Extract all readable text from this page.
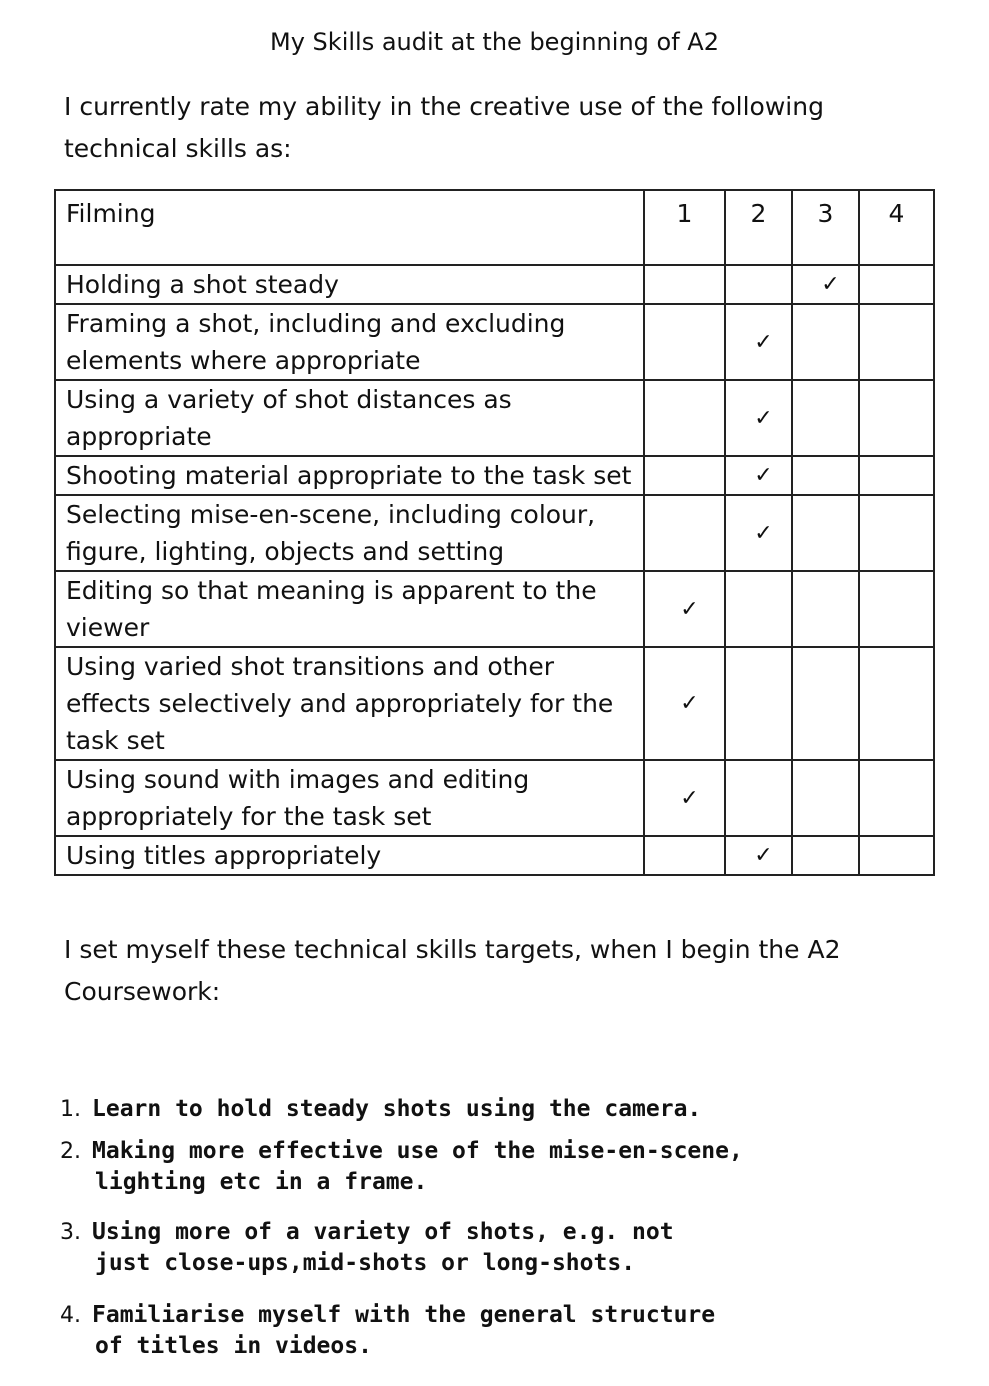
My Skills audit at the beginning of A2
I currently rate my ability in the creative use of the following technical skills as:
Filming	1	2	3	4
Holding a shot steady			✓	
Framing a shot, including and excluding elements where appropriate		✓		
Using a variety of shot distances as appropriate		✓		
Shooting material appropriate to the task set		✓		
Selecting mise-en-scene, including colour, figure, lighting, objects and setting		✓		
Editing so that meaning is apparent to the viewer	✓			
Using varied shot transitions and other effects selectively and appropriately for the task set	✓			
Using sound with images and editing appropriately for the task set	✓			
Using titles appropriately		✓		
I set myself these technical skills targets, when I begin the A2 Coursework:
1. Learn to hold steady shots using the camera.
2. Making more effective use of the mise-en-scene,
lighting etc in a frame.
3. Using more of a variety of shots, e.g. not
just close-ups,mid-shots or long-shots.
4. Familiarise myself with the general structure
of titles in videos.
